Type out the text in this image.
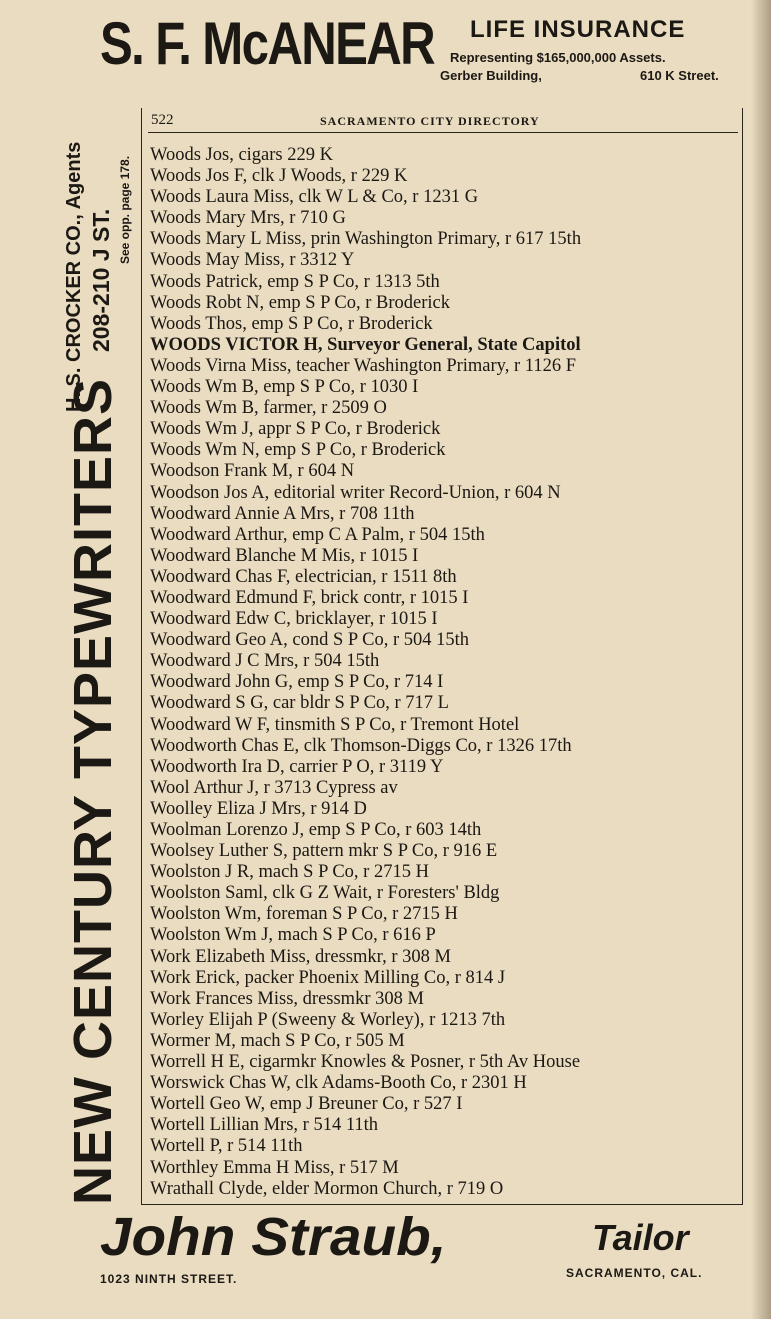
S. F. McANEAR LIFE INSURANCE
Representing $165,000,000 Assets.
Gerber Building,	610 K Street.
NEW CENTURY TYPEWRITERS
H. S. CROCKER CO., Agents 208-210 J ST. See opp. page 178.
522	SACRAMENTO CITY DIRECTORY
Woods Jos, cigars 229 K
Woods Jos F, clk J Woods, r 229 K
Woods Laura Miss, clk W L & Co, r 1231 G
Woods Mary Mrs, r 710 G
Woods Mary L Miss, prin Washington Primary, r 617 15th
Woods May Miss, r 3312 Y
Woods Patrick, emp S P Co, r 1313 5th
Woods Robt N, emp S P Co, r Broderick
Woods Thos, emp S P Co, r Broderick
WOODS VICTOR H, Surveyor General, State Capitol
Woods Virna Miss, teacher Washington Primary, r 1126 F
Woods Wm B, emp S P Co, r 1030 I
Woods Wm B, farmer, r 2509 O
Woods Wm J, appr S P Co, r Broderick
Woods Wm N, emp S P Co, r Broderick
Woodson Frank M, r 604 N
Woodson Jos A, editorial writer Record-Union, r 604 N
Woodward Annie A Mrs, r 708 11th
Woodward Arthur, emp C A Palm, r 504 15th
Woodward Blanche M Mis, r 1015 I
Woodward Chas F, electrician, r 1511 8th
Woodward Edmund F, brick contr, r 1015 I
Woodward Edw C, bricklayer, r 1015 I
Woodward Geo A, cond S P Co, r 504 15th
Woodward J C Mrs, r 504 15th
Woodward John G, emp S P Co, r 714 I
Woodward S G, car bldr S P Co, r 717 L
Woodward W F, tinsmith S P Co, r Tremont Hotel
Woodworth Chas E, clk Thomson-Diggs Co, r 1326 17th
Woodworth Ira D, carrier P O, r 3119 Y
Wool Arthur J, r 3713 Cypress av
Woolley Eliza J Mrs, r 914 D
Woolman Lorenzo J, emp S P Co, r 603 14th
Woolsey Luther S, pattern mkr S P Co, r 916 E
Woolston J R, mach S P Co, r 2715 H
Woolston Saml, clk G Z Wait, r Foresters' Bldg
Woolston Wm, foreman S P Co, r 2715 H
Woolston Wm J, mach S P Co, r 616 P
Work Elizabeth Miss, dressmkr, r 308 M
Work Erick, packer Phoenix Milling Co, r 814 J
Work Frances Miss, dressmkr 308 M
Worley Elijah P (Sweeny & Worley), r 1213 7th
Wormer M, mach S P Co, r 505 M
Worrell H E, cigarmkr Knowles & Posner, r 5th Av House
Worswick Chas W, clk Adams-Booth Co, r 2301 H
Wortell Geo W, emp J Breuner Co, r 527 I
Wortell Lillian Mrs, r 514 11th
Wortell P, r 514 11th
Worthley Emma H Miss, r 517 M
Wrathall Clyde, elder Mormon Church, r 719 O
John Straub,	Tailor
1023 NINTH STREET.	SACRAMENTO, CAL.
